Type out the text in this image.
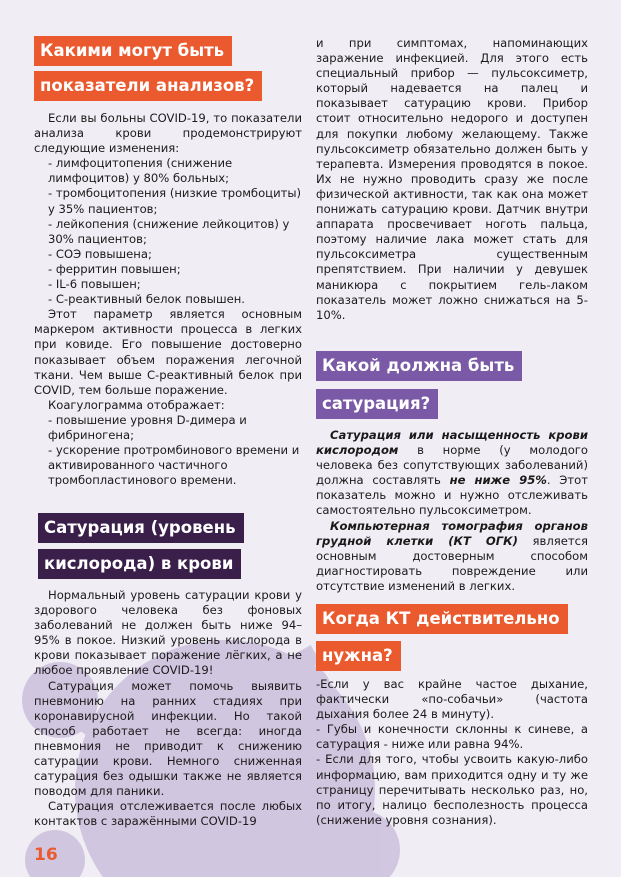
Какими могут быть
показатели анализов?
Сатурация (уровень
кислорода) в крови
Какой должна быть
сатурация?
Когда КТ действительно
нужна?

Если вы больны COVID-19, то показатели анализа крови продемонстрируют следующие изменения:

- лимфоцитопения (снижение лимфоцитов) у 80% больных;

- тромбоцитопения (низкие тромбоциты) у 35% пациентов;

- лейкопения (снижение лейкоцитов) у 30% пациентов;

- СОЭ повышена;

- ферритин повышен;

- IL-6 повышен;

- С-реактивный белок повышен.

Этот параметр является основным маркером активности процесса в легких при ковиде. Его повышение достоверно показывает объем поражения легочной ткани. Чем выше С-реактивный белок при COVID, тем больше поражение.

Коагулограмма отображает:

- повышение уровня D-димера и фибриногена;

- ускорение протромбинового времени и активированного частичного тромбопластинового времени.

Нормальный уровень сатурации крови у здорового человека без фоновых заболеваний не должен быть ниже 94–95% в покое. Низкий уровень кислорода в крови показывает поражение лёгких, а не любое проявление COVID-19!

Сатурация может помочь выявить пневмонию на ранних стадиях при коронавирусной инфекции. Но такой способ работает не всегда: иногда пневмония не приводит к снижению сатурации крови. Немного сниженная сатурация без одышки также не является поводом для паники.

Сатурация отслеживается после любых контактов с заражёнными COVID-19

и при симптомах, напоминающих заражение инфекцией. Для этого есть специальный прибор — пульсоксиметр, который надевается на палец и показывает сатурацию крови. Прибор стоит относительно недорого и доступен для покупки любому желающему. Также пульсоксиметр обязательно должен быть у терапевта. Измерения проводятся в покое. Их не нужно проводить сразу же после физической активности, так как она может понижать сатурацию крови. Датчик внутри аппарата просвечивает ноготь пальца, поэтому наличие лака может стать для пульсоксиметра существенным препятствием. При наличии у девушек маникюра с покрытием гель-лаком показатель может ложно снижаться на 5-10%.

Сатурация или насыщенность крови кислородом в норме (у молодого человека без сопутствующих заболеваний) должна составлять не ниже 95%. Этот показатель можно и нужно отслеживать самостоятельно пульсоксиметром.

Компьютерная томография органов грудной клетки (КТ ОГК) является основным достоверным способом диагностировать повреждение или отсутствие изменений в легких.

-Если у вас крайне частое дыхание, фактически «по-собачьи» (частота дыхания более 24 в минуту).

- Губы и конечности склонны к синеве, а сатурация - ниже или равна 94%.

- Если для того, чтобы усвоить какую-либо информацию, вам приходится одну и ту же страницу перечитывать несколько раз, но, по итогу, налицо бесполезность процесса (снижение уровня сознания).

16
